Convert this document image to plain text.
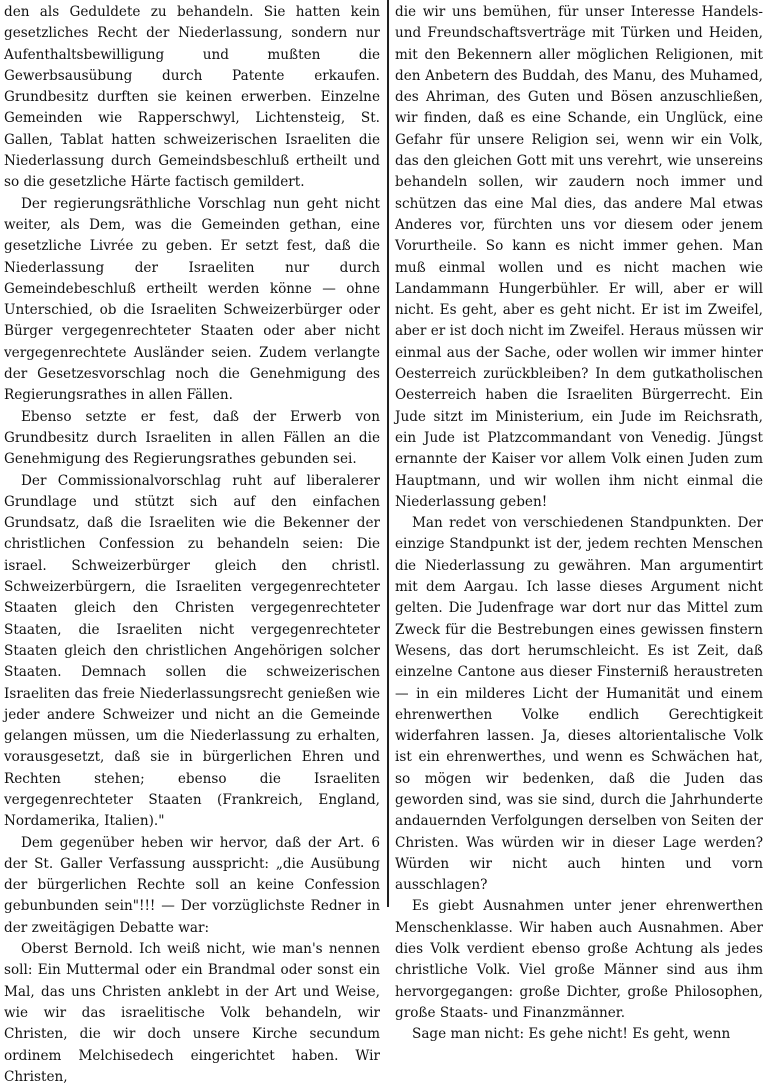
den als Geduldete zu behandeln. Sie hatten kein gesetzliches Recht der Niederlassung, sondern nur Aufenthaltsbewilligung und mußten die Gewerbsausübung durch Patente erkaufen. Grundbesitz durften sie keinen erwerben. Einzelne Gemeinden wie Rapperschwyl, Lichtensteig, St. Gallen, Tablat hatten schweizerischen Israeliten die Niederlassung durch Gemeindsbeschluß ertheilt und so die gesetzliche Härte factisch gemildert.

Der regierungsräthliche Vorschlag nun geht nicht weiter, als Dem, was die Gemeinden gethan, eine gesetzliche Livrée zu geben. Er setzt fest, daß die Niederlassung der Israeliten nur durch Gemeindebeschluß ertheilt werden könne — ohne Unterschied, ob die Israeliten Schweizerbürger oder Bürger vergegenrechteter Staaten oder aber nicht vergegenrechtete Ausländer seien. Zudem verlangte der Gesetzesvorschlag noch die Genehmigung des Regierungsrathes in allen Fällen.

Ebenso setzte er fest, daß der Erwerb von Grundbesitz durch Israeliten in allen Fällen an die Genehmigung des Regierungsrathes gebunden sei.

Der Commissionalvorschlag ruht auf liberalerer Grundlage und stützt sich auf den einfachen Grundsatz, daß die Israeliten wie die Bekenner der christlichen Confession zu behandeln seien: Die israel. Schweizerbürger gleich den christl. Schweizerbürgern, die Israeliten vergegenrechteter Staaten gleich den Christen vergegenrechteter Staaten, die Israeliten nicht vergegenrechteter Staaten gleich den christlichen Angehörigen solcher Staaten. Demnach sollen die schweizerischen Israeliten das freie Niederlassungsrecht genießen wie jeder andere Schweizer und nicht an die Gemeinde gelangen müssen, um die Niederlassung zu erhalten, vorausgesetzt, daß sie in bürgerlichen Ehren und Rechten stehen; ebenso die Israeliten vergegenrechteter Staaten (Frankreich, England, Nordamerika, Italien)."

Dem gegenüber heben wir hervor, daß der Art. 6 der St. Galler Verfassung ausspricht: „die Ausübung der bürgerlichen Rechte soll an keine Confession gebunbunden sein"!!! — Der vorzüglichste Redner in der zweitägigen Debatte war:

Oberst Bernold. Ich weiß nicht, wie man's nennen soll: Ein Muttermal oder ein Brandmal oder sonst ein Mal, das uns Christen anklebt in der Art und Weise, wie wir das israelitische Volk behandeln, wir Christen, die wir doch unsere Kirche secundum ordinem Melchisedech eingerichtet haben. Wir Christen,

die wir uns bemühen, für unser Interesse Handels- und Freundschaftsverträge mit Türken und Heiden, mit den Bekennern aller möglichen Religionen, mit den Anbetern des Buddah, des Manu, des Muhamed, des Ahriman, des Guten und Bösen anzuschließen, wir finden, daß es eine Schande, ein Unglück, eine Gefahr für unsere Religion sei, wenn wir ein Volk, das den gleichen Gott mit uns verehrt, wie unsereins behandeln sollen, wir zaudern noch immer und schützen das eine Mal dies, das andere Mal etwas Anderes vor, fürchten uns vor diesem oder jenem Vorurtheile. So kann es nicht immer gehen. Man muß einmal wollen und es nicht machen wie Landammann Hungerbühler. Er will, aber er will nicht. Es geht, aber es geht nicht. Er ist im Zweifel, aber er ist doch nicht im Zweifel. Heraus müssen wir einmal aus der Sache, oder wollen wir immer hinter Oesterreich zurückbleiben? In dem gutkatholischen Oesterreich haben die Israeliten Bürgerrecht. Ein Jude sitzt im Ministerium, ein Jude im Reichsrath, ein Jude ist Platzcommandant von Venedig. Jüngst ernannte der Kaiser vor allem Volk einen Juden zum Hauptmann, und wir wollen ihm nicht einmal die Niederlassung geben!

Man redet von verschiedenen Standpunkten. Der einzige Standpunkt ist der, jedem rechten Menschen die Niederlassung zu gewähren. Man argumentirt mit dem Aargau. Ich lasse dieses Argument nicht gelten. Die Judenfrage war dort nur das Mittel zum Zweck für die Bestrebungen eines gewissen finstern Wesens, das dort herumschleicht. Es ist Zeit, daß einzelne Cantone aus dieser Finsterniß heraustreten — in ein milderes Licht der Humanität und einem ehrenwerthen Volke endlich Gerechtigkeit widerfahren lassen. Ja, dieses altorientalische Volk ist ein ehrenwerthes, und wenn es Schwächen hat, so mögen wir bedenken, daß die Juden das geworden sind, was sie sind, durch die Jahrhunderte andauernden Verfolgungen derselben von Seiten der Christen. Was würden wir in dieser Lage werden? Würden wir nicht auch hinten und vorn ausschlagen?

Es giebt Ausnahmen unter jener ehrenwerthen Menschenklasse. Wir haben auch Ausnahmen. Aber dies Volk verdient ebenso große Achtung als jedes christliche Volk. Viel große Männer sind aus ihm hervorgegangen: große Dichter, große Philosophen, große Staats- und Finanzmänner.

Sage man nicht: Es gehe nicht! Es geht, wenn
